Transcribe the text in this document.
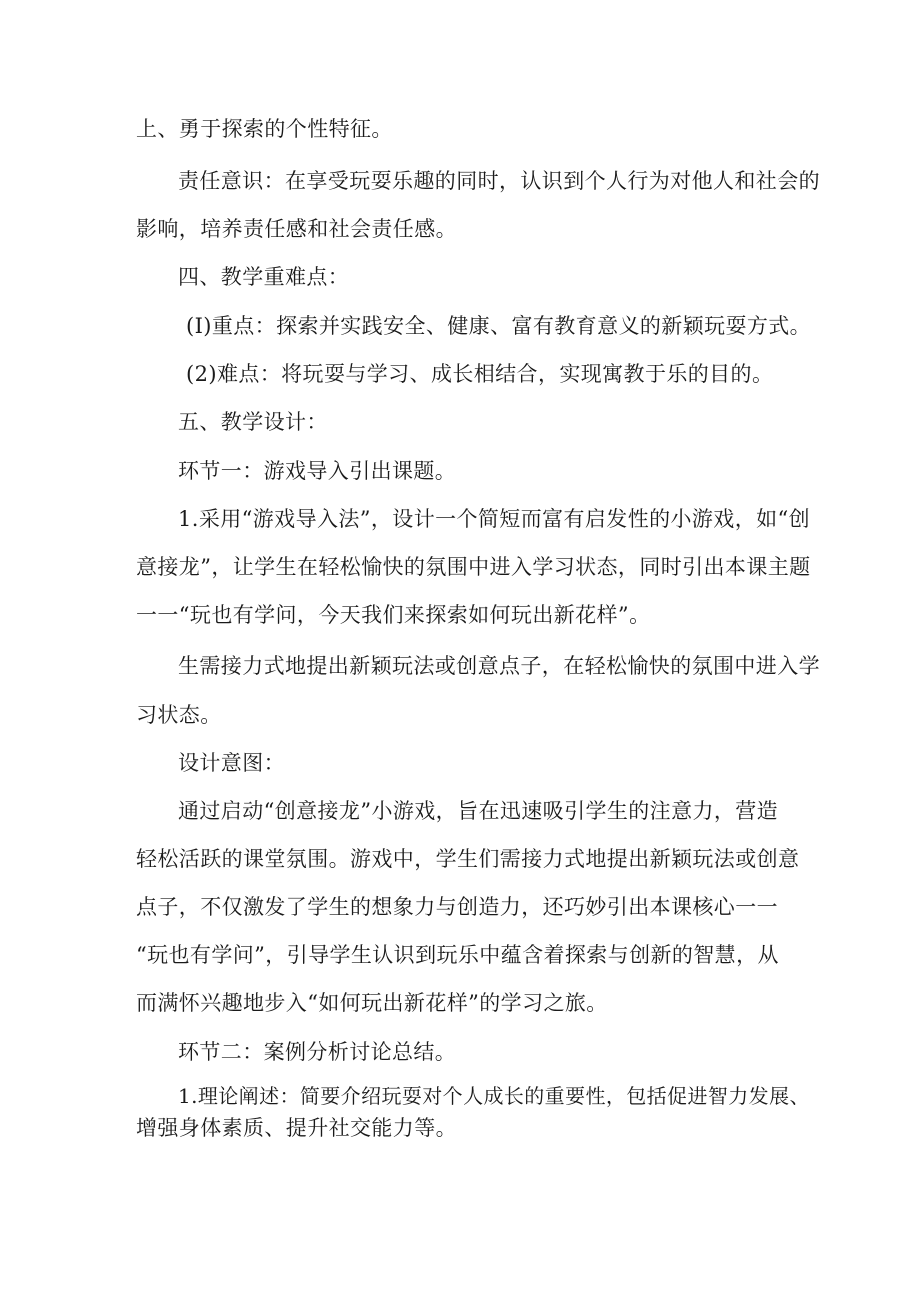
上、勇于探索的个性特征。
责任意识：在享受玩耍乐趣的同时，认识到个人行为对他人和社会的
影响，培养责任感和社会责任感。
四、教学重难点：
(I)重点：探索并实践安全、健康、富有教育意义的新颖玩耍方式。
(2)难点：将玩耍与学习、成长相结合，实现寓教于乐的目的。
五、教学设计：
环节一：游戏导入引出课题。
1.采用“游戏导入法”，设计一个简短而富有启发性的小游戏，如“创
意接龙”，让学生在轻松愉快的氛围中进入学习状态，同时引出本课主题
一一“玩也有学问，今天我们来探索如何玩出新花样”。
生需接力式地提出新颖玩法或创意点子，在轻松愉快的氛围中进入学
习状态。
设计意图：
通过启动“创意接龙”小游戏，旨在迅速吸引学生的注意力，营造
轻松活跃的课堂氛围。游戏中，学生们需接力式地提出新颖玩法或创意
点子，不仅激发了学生的想象力与创造力，还巧妙引出本课核心一一
“玩也有学问”，引导学生认识到玩乐中蕴含着探索与创新的智慧，从
而满怀兴趣地步入“如何玩出新花样”的学习之旅。
环节二：案例分析讨论总结。
1.理论阐述：简要介绍玩耍对个人成长的重要性，包括促进智力发展、
增强身体素质、提升社交能力等。
